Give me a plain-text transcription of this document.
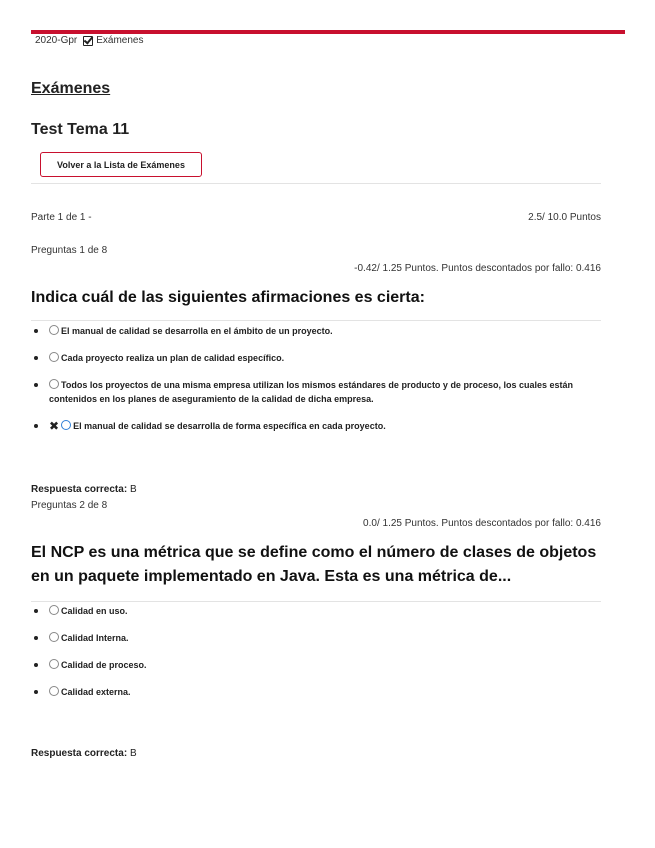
2020-Gpr Exámenes
Exámenes
Test Tema 11
Volver a la Lista de Exámenes
Parte 1 de 1 -	2.5/ 10.0 Puntos
Preguntas 1 de 8
-0.42/ 1.25 Puntos. Puntos descontados por fallo: 0.416
Indica cuál de las siguientes afirmaciones es cierta:
El manual de calidad se desarrolla en el ámbito de un proyecto.
Cada proyecto realiza un plan de calidad específico.
Todos los proyectos de una misma empresa utilizan los mismos estándares de producto y de proceso, los cuales están contenidos en los planes de aseguramiento de la calidad de dicha empresa.
✖ El manual de calidad se desarrolla de forma específica en cada proyecto.
Respuesta correcta: B
Preguntas 2 de 8
0.0/ 1.25 Puntos. Puntos descontados por fallo: 0.416
El NCP es una métrica que se define como el número de clases de objetos en un paquete implementado en Java. Esta es una métrica de...
Calidad en uso.
Calidad Interna.
Calidad de proceso.
Calidad externa.
Respuesta correcta: B
